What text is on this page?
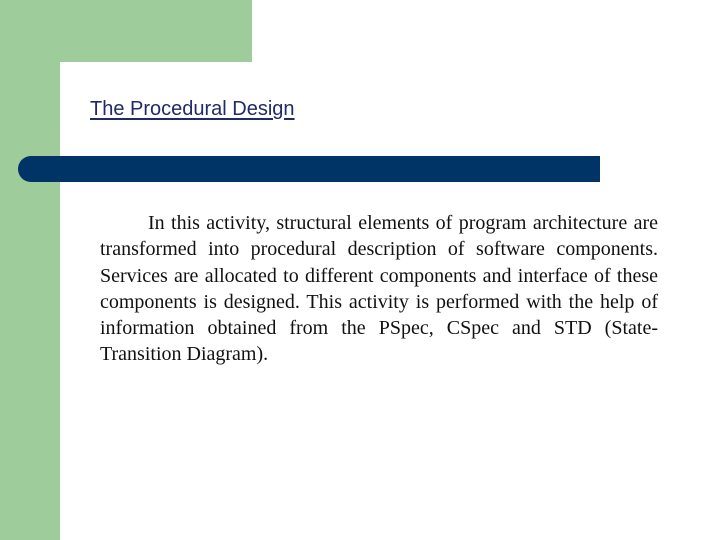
The Procedural Design
In this activity, structural elements of program architecture are transformed into procedural description of software components. Services are allocated to different components and interface of these components is designed. This activity is performed with the help of information obtained from the PSpec, CSpec and STD (State-Transition Diagram).
